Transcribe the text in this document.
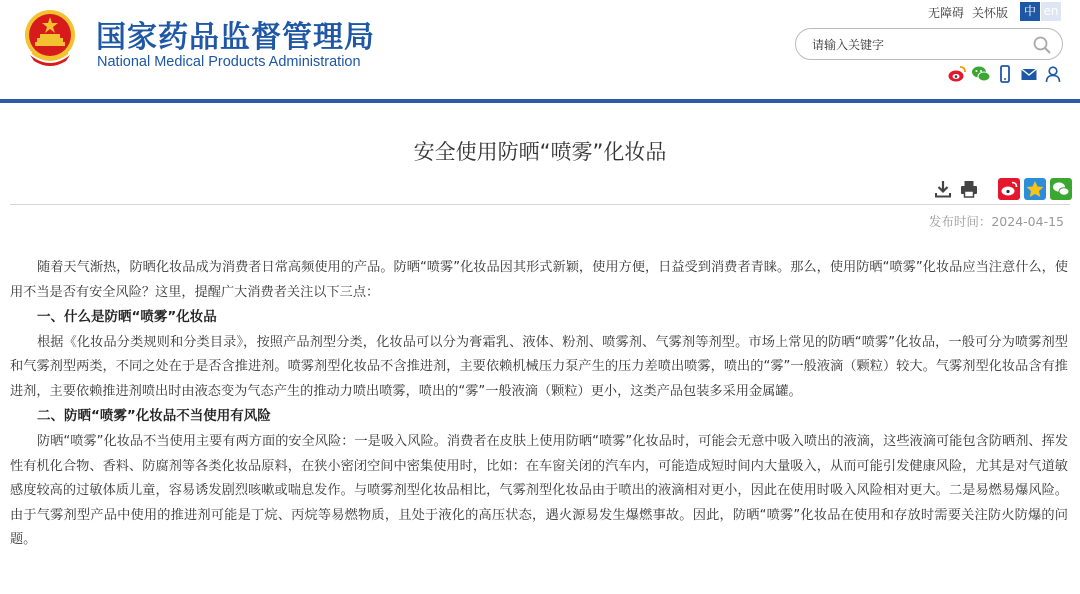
国家药品监督管理局
National Medical Products Administration
无障碍 关怀版	中 en
请输入关键字
安全使用防晒“喷雾”化妆品
发布时间：2024-04-15

随着天气渐热，防晒化妆品成为消费者日常高频使用的产品。防晒“喷雾”化妆品因其形式新颖，使用方便，日益受到消费者青睐。那么，使用防晒“喷雾”化妆品应当注意什么，使用不当是否有安全风险？这里，提醒广大消费者关注以下三点：

一、什么是防晒“喷雾”化妆品

根据《化妆品分类规则和分类目录》，按照产品剂型分类，化妆品可以分为膏霜乳、液体、粉剂、喷雾剂、气雾剂等剂型。市场上常见的防晒“喷雾”化妆品，一般可分为喷雾剂型和气雾剂型两类，不同之处在于是否含推进剂。喷雾剂型化妆品不含推进剂，主要依赖机械压力泵产生的压力差喷出喷雾，喷出的“雾”一般液滴（颗粒）较大。气雾剂型化妆品含有推进剂，主要依赖推进剂喷出时由液态变为气态产生的推动力喷出喷雾，喷出的“雾”一般液滴（颗粒）更小，这类产品包装多采用金属罐。

二、防晒“喷雾”化妆品不当使用有风险

防晒“喷雾”化妆品不当使用主要有两方面的安全风险：一是吸入风险。消费者在皮肤上使用防晒“喷雾”化妆品时，可能会无意中吸入喷出的液滴，这些液滴可能包含防晒剂、挥发性有机化合物、香料、防腐剂等各类化妆品原料，在狭小密闭空间中密集使用时，比如：在车窗关闭的汽车内，可能造成短时间内大量吸入，从而可能引发健康风险，尤其是对气道敏感度较高的过敏体质儿童，容易诱发剧烈咳嗽或喘息发作。与喷雾剂型化妆品相比，气雾剂型化妆品由于喷出的液滴相对更小，因此在使用时吸入风险相对更大。二是易燃易爆风险。由于气雾剂型产品中使用的推进剂可能是丁烷、丙烷等易燃物质，且处于液化的高压状态，遇火源易发生爆燃事故。因此，防晒“喷雾”化妆品在使用和存放时需要关注防火防爆的问题。
